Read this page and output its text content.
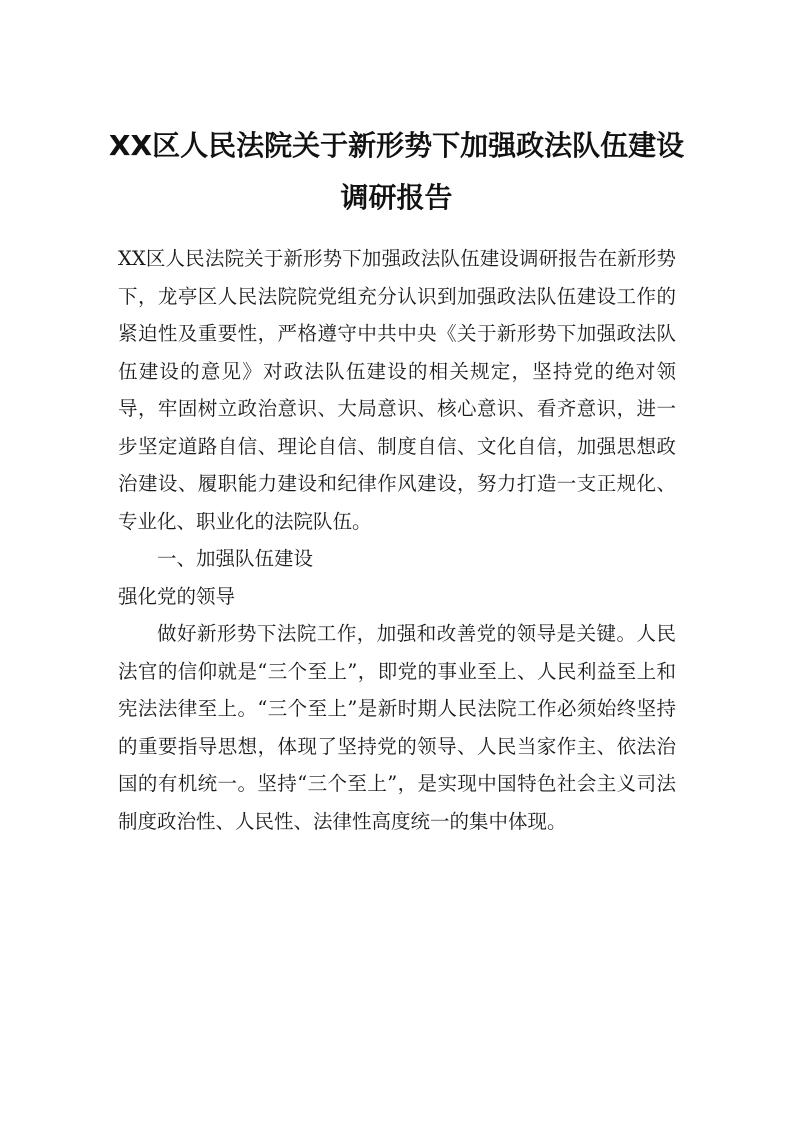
XX区人民法院关于新形势下加强政法队伍建设调研报告

XX区人民法院关于新形势下加强政法队伍建设调研报告在新形势下，龙亭区人民法院院党组充分认识到加强政法队伍建设工作的紧迫性及重要性，严格遵守中共中央《关于新形势下加强政法队伍建设的意见》对政法队伍建设的相关规定，坚持党的绝对领导，牢固树立政治意识、大局意识、核心意识、看齐意识，进一步坚定道路自信、理论自信、制度自信、文化自信，加强思想政治建设、履职能力建设和纪律作风建设，努力打造一支正规化、专业化、职业化的法院队伍。

一、加强队伍建设

强化党的领导

做好新形势下法院工作，加强和改善党的领导是关键。人民法官的信仰就是“三个至上”，即党的事业至上、人民利益至上和宪法法律至上。“三个至上”是新时期人民法院工作必须始终坚持的重要指导思想，体现了坚持党的领导、人民当家作主、依法治国的有机统一。坚持“三个至上”，是实现中国特色社会主义司法制度政治性、人民性、法律性高度统一的集中体现。
